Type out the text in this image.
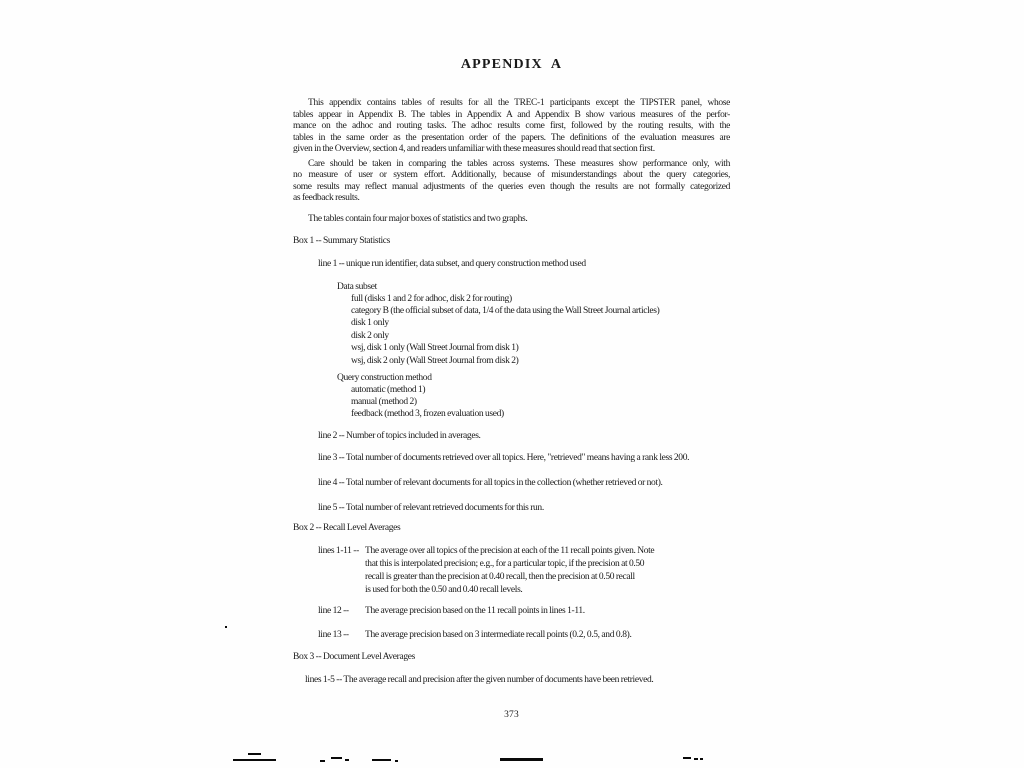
APPENDIX  A
This appendix contains tables of results for all the TREC-1 participants except the TIPSTER panel, whose
tables appear in Appendix B. The tables in Appendix A and Appendix B show various measures of the perfor-
mance on the adhoc and routing tasks. The adhoc results come first, followed by the routing results, with the
tables in the same order as the presentation order of the papers. The definitions of the evaluation measures are
given in the Overview, section 4, and readers unfamiliar with these measures should read that section first.
Care should be taken in comparing the tables across systems. These measures show performance only, with
no measure of user or system effort. Additionally, because of misunderstandings about the query categories,
some results may reflect manual adjustments of the queries even though the results are not formally categorized
as feedback results.
The tables contain four major boxes of statistics and two graphs.
Box 1 -- Summary Statistics
line 1 -- unique run identifier, data subset, and query construction method used
Data subset
full (disks 1 and 2 for adhoc, disk 2 for routing)
category B (the official subset of data, 1/4 of the data using the Wall Street Journal articles)
disk 1 only
disk 2 only
wsj, disk 1 only (Wall Street Journal from disk 1)
wsj, disk 2 only (Wall Street Journal from disk 2)
Query construction method
automatic (method 1)
manual (method 2)
feedback (method 3, frozen evaluation used)
line 2 -- Number of topics included in averages.
line 3 -- Total number of documents retrieved over all topics. Here, "retrieved" means having a rank less 200.
line 4 -- Total number of relevant documents for all topics in the collection (whether retrieved or not).
line 5 -- Total number of relevant retrieved documents for this run.
Box 2 -- Recall Level Averages
lines 1-11 -- The average over all topics of the precision at each of the 11 recall points given. Note
that this is interpolated precision; e.g., for a particular topic, if the precision at 0.50
recall is greater than the precision at 0.40 recall, then the precision at 0.50 recall
is used for both the 0.50 and 0.40 recall levels.
line 12 -- The average precision based on the 11 recall points in lines 1-11.
line 13 -- The average precision based on 3 intermediate recall points (0.2, 0.5, and 0.8).
Box 3 -- Document Level Averages
lines 1-5 -- The average recall and precision after the given number of documents have been retrieved.
373
